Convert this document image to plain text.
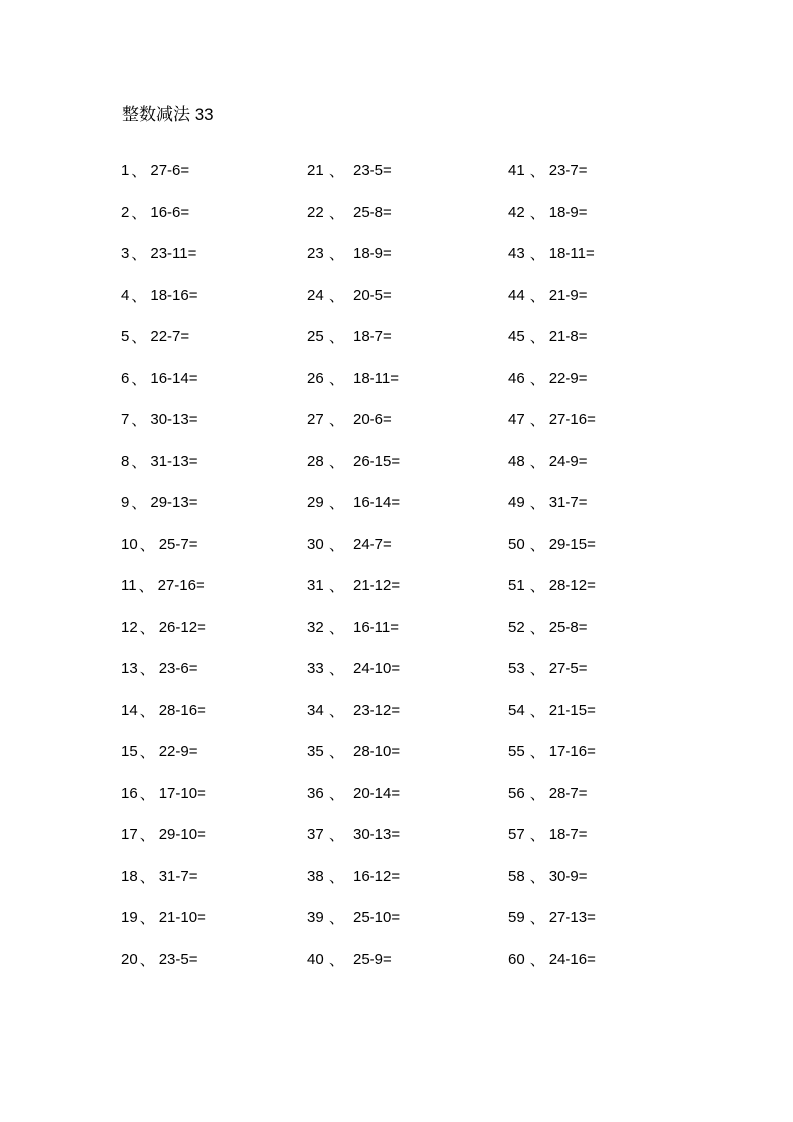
整数减法 33
1 、 27-6=
2 、 16-6=
3 、 23-11=
4 、 18-16=
5 、 22-7=
6 、 16-14=
7 、 30-13=
8 、 31-13=
9 、 29-13=
10 、 25-7=
11 、 27-16=
12 、 26-12=
13 、 23-6=
14 、 28-16=
15 、 22-9=
16 、 17-10=
17 、 29-10=
18 、 31-7=
19 、 21-10=
20 、 23-5=
21 、 23-5=
22 、 25-8=
23 、 18-9=
24 、 20-5=
25 、 18-7=
26 、 18-11=
27 、 20-6=
28 、 26-15=
29 、 16-14=
30 、 24-7=
31 、 21-12=
32 、 16-11=
33 、 24-10=
34 、 23-12=
35 、 28-10=
36 、 20-14=
37 、 30-13=
38 、 16-12=
39 、 25-10=
40 、 25-9=
41 、 23-7=
42 、 18-9=
43 、 18-11=
44 、 21-9=
45 、 21-8=
46 、 22-9=
47 、 27-16=
48 、 24-9=
49 、 31-7=
50 、 29-15=
51 、 28-12=
52 、 25-8=
53 、 27-5=
54 、 21-15=
55 、 17-16=
56 、 28-7=
57 、 18-7=
58 、 30-9=
59 、 27-13=
60 、 24-16=
